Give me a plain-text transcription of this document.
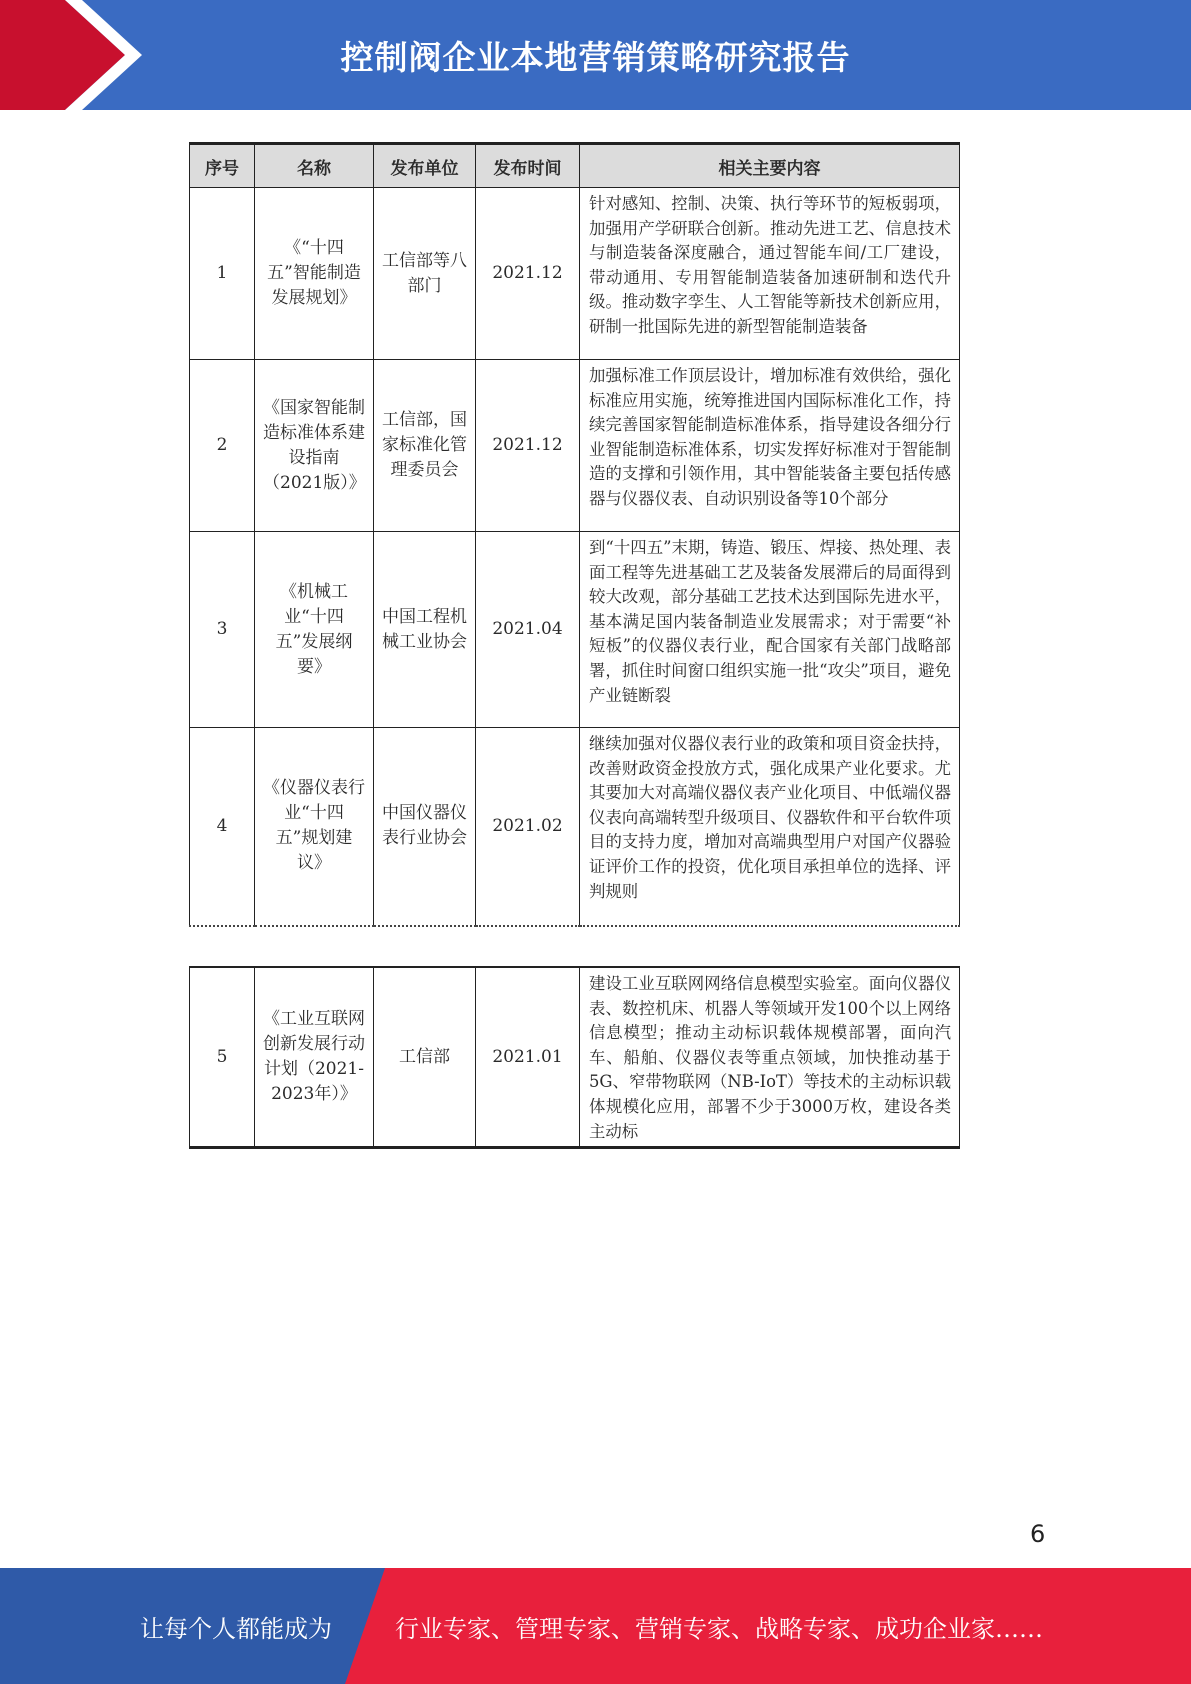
控制阀企业本地营销策略研究报告
序号	名称	发布单位	发布时间	相关主要内容
1	《“十四五”智能制造发展规划》	工信部等八部门	2021.12	针对感知、控制、决策、执行等环节的短板弱项，加强用产学研联合创新。推动先进工艺、信息技术与制造装备深度融合，通过智能车间/工厂建设，带动通用、专用智能制造装备加速研制和迭代升级。推动数字孪生、人工智能等新技术创新应用，研制一批国际先进的新型智能制造装备
2	《国家智能制造标准体系建设指南（2021版）》	工信部，国家标准化管理委员会	2021.12	加强标准工作顶层设计，增加标准有效供给，强化标准应用实施，统筹推进国内国际标准化工作，持续完善国家智能制造标准体系，指导建设各细分行业智能制造标准体系，切实发挥好标准对于智能制造的支撑和引领作用，其中智能装备主要包括传感器与仪器仪表、自动识别设备等10个部分
3	《机械工业“十四五”发展纲要》	中国工程机械工业协会	2021.04	到“十四五”末期，铸造、锻压、焊接、热处理、表面工程等先进基础工艺及装备发展滞后的局面得到较大改观，部分基础工艺技术达到国际先进水平，基本满足国内装备制造业发展需求；对于需要“补短板”的仪器仪表行业，配合国家有关部门战略部署，抓住时间窗口组织实施一批“攻尖”项目，避免产业链断裂
4	《仪器仪表行业“十四五”规划建议》	中国仪器仪表行业协会	2021.02	继续加强对仪器仪表行业的政策和项目资金扶持，改善财政资金投放方式，强化成果产业化要求。尤其要加大对高端仪器仪表产业化项目、中低端仪器仪表向高端转型升级项目、仪器软件和平台软件项目的支持力度，增加对高端典型用户对国产仪器验证评价工作的投资，优化项目承担单位的选择、评判规则
5	《工业互联网创新发展行动计划（2021-2023年）》	工信部	2021.01	建设工业互联网网络信息模型实验室。面向仪器仪表、数控机床、机器人等领域开发100个以上网络信息模型；推动主动标识载体规模部署，面向汽车、船舶、仪器仪表等重点领域，加快推动基于5G、窄带物联网（NB-IoT）等技术的主动标识载体规模化应用，部署不少于3000万枚，建设各类主动标
6
让每个人都能成为	行业专家、管理专家、营销专家、战略专家、成功企业家……
